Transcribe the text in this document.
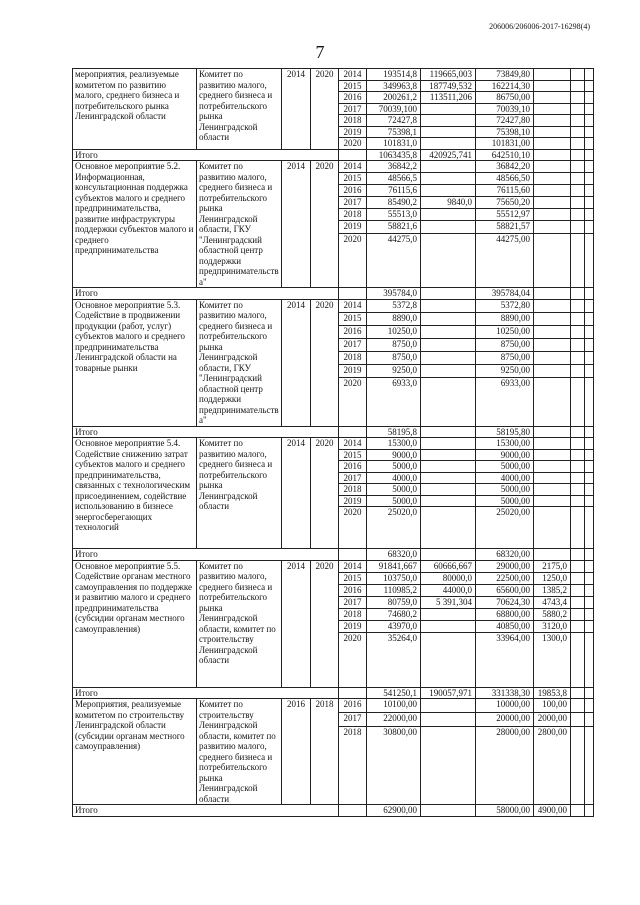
206006/206006-2017-16298(4)
7
мероприятия, реализуемые комитетом по развитию малого, среднего бизнеса и потребительского рынка Ленинградской области	Комитет по развитию малого, среднего бизнеса и потребительского рынка Ленинградской области	2014	2020	2014	193514,8	119665,003	73849,80			
				2015	349963,8	187749,532	162214,30			
				2016	200261,2	113511,206	86750,00			
				2017	70039,100		70039,10			
				2018	72427,8		72427,80			
				2019	75398,1		75398,10			
				2020	101831,0		101831,00			
Итого					1063435,8	420925,741	642510,10			
Основное мероприятие 5.2. Информационная, консультационная поддержка субъектов малого и среднего предпринимательства, развитие инфраструктуры поддержки субъектов малого и среднего предпринимательства	Комитет по развитию малого, среднего бизнеса и потребительского рынка Ленинградской области, ГКУ "Ленинградский областной центр поддержки предпринимательства"	2014	2020	2014	36842,2		36842,20			
				2015	48566,5		48566,50			
				2016	76115,6		76115,60			
				2017	85490,2	9840,0	75650,20			
				2018	55513,0		55512,97			
				2019	58821,6		58821,57			
				2020	44275,0		44275,00			
Итого					395784,0		395784,04			
Основное мероприятие 5.3. Содействие в продвижении продукции (работ, услуг) субъектов малого и среднего предпринимательства Ленинградской области на товарные рынки	Комитет по развитию малого, среднего бизнеса и потребительского рынка Ленинградской области, ГКУ "Ленинградский областной центр поддержки предпринимательства"	2014	2020	2014	5372,8		5372,80			
				2015	8890,0		8890,00			
				2016	10250,0		10250,00			
				2017	8750,0		8750,00			
				2018	8750,0		8750,00			
				2019	9250,0		9250,00			
				2020	6933,0		6933,00			
Итого					58195,8		58195,80			
Основное мероприятие 5.4. Содействие снижению затрат субъектов малого и среднего предпринимательства, связанных с технологическим присоединением, содействие использованию в бизнесе энергосберегающих технологий	Комитет по развитию малого, среднего бизнеса и потребительского рынка Ленинградской области	2014	2020	2014	15300,0		15300,00			
				2015	9000,0		9000,00			
				2016	5000,0		5000,00			
				2017	4000,0		4000,00			
				2018	5000,0		5000,00			
				2019	5000,0		5000,00			
				2020	25020,0		25020,00			
Итого					68320,0		68320,00			
Основное мероприятие 5.5. Содействие органам местного самоуправления по поддержке и развитию малого и среднего предпринимательства (субсидии органам местного самоуправления)	Комитет по развитию малого, среднего бизнеса и потребительского рынка Ленинградской области, комитет по строительству Ленинградской области	2014	2020	2014	91841,667	60666,667	29000,00	2175,0		
				2015	103750,0	80000,0	22500,00	1250,0		
				2016	110985,2	44000,0	65600,00	1385,2		
				2017	80759,0	5 391,304	70624,30	4743,4		
				2018	74680,2		68800,00	5880,2		
				2019	43970,0		40850,00	3120,0		
				2020	35264,0		33964,00	1300,0		
Итого					541250,1	190057,971	331338,30	19853,8		
Мероприятия, реализуемые комитетом по строительству Ленинградской области (субсидии органам местного самоуправления)	Комитет по строительству Ленинградской области, комитет по развитию малого, среднего бизнеса и потребительского рынка Ленинградской области	2016	2018	2016	10100,00		10000,00	100,00		
				2017	22000,00		20000,00	2000,00		
				2018	30800,00		28000,00	2800,00		
Итого					62900,00		58000,00	4900,00		
